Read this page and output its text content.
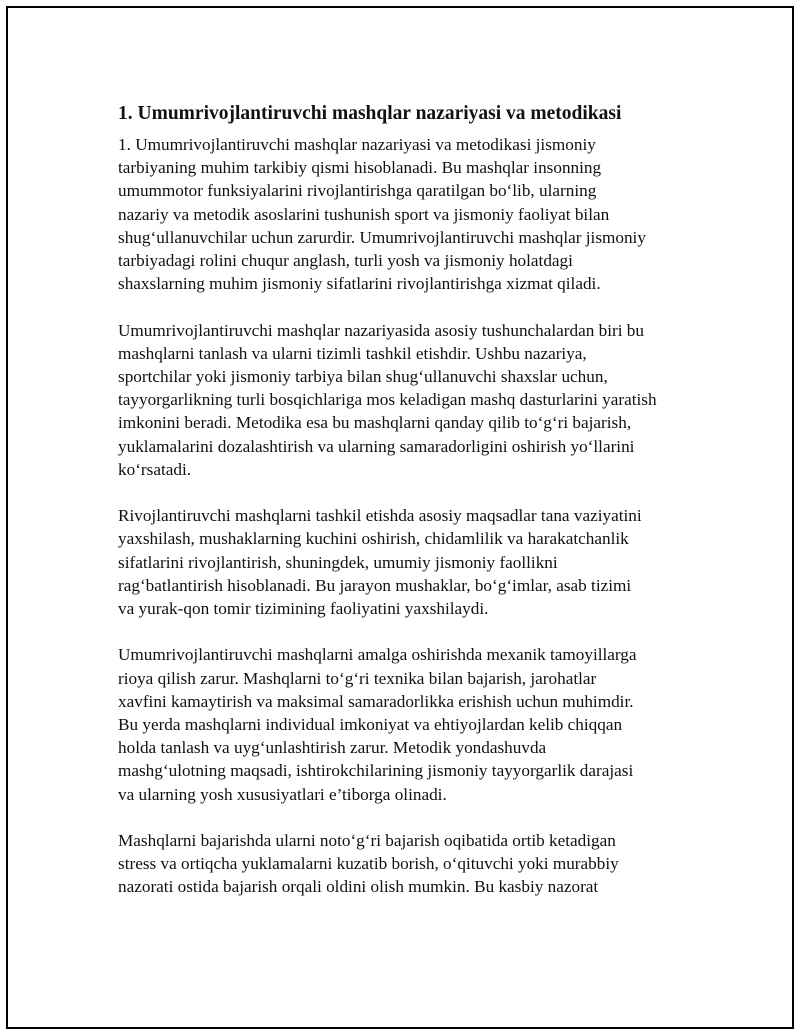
1. Umumrivojlantiruvchi mashqlar nazariyasi va metodikasi

1. Umumrivojlantiruvchi mashqlar nazariyasi va metodikasi jismoniy
tarbiyaning muhim tarkibiy qismi hisoblanadi. Bu mashqlar insonning
umummotor funksiyalarini rivojlantirishga qaratilgan bo‘lib, ularning
nazariy va metodik asoslarini tushunish sport va jismoniy faoliyat bilan
shug‘ullanuvchilar uchun zarurdir. Umumrivojlantiruvchi mashqlar jismoniy
tarbiyadagi rolini chuqur anglash, turli yosh va jismoniy holatdagi
shaxslarning muhim jismoniy sifatlarini rivojlantirishga xizmat qiladi.

Umumrivojlantiruvchi mashqlar nazariyasida asosiy tushunchalardan biri bu
mashqlarni tanlash va ularni tizimli tashkil etishdir. Ushbu nazariya,
sportchilar yoki jismoniy tarbiya bilan shug‘ullanuvchi shaxslar uchun,
tayyorgarlikning turli bosqichlariga mos keladigan mashq dasturlarini yaratish
imkonini beradi. Metodika esa bu mashqlarni qanday qilib to‘g‘ri bajarish,
yuklamalarini dozalashtirish va ularning samaradorligini oshirish yo‘llarini
ko‘rsatadi.

Rivojlantiruvchi mashqlarni tashkil etishda asosiy maqsadlar tana vaziyatini
yaxshilash, mushaklarning kuchini oshirish, chidamlilik va harakatchanlik
sifatlarini rivojlantirish, shuningdek, umumiy jismoniy faollikni
rag‘batlantirish hisoblanadi. Bu jarayon mushaklar, bo‘g‘imlar, asab tizimi
va yurak-qon tomir tizimining faoliyatini yaxshilaydi.

Umumrivojlantiruvchi mashqlarni amalga oshirishda mexanik tamoyillarga
rioya qilish zarur. Mashqlarni to‘g‘ri texnika bilan bajarish, jarohatlar
xavfini kamaytirish va maksimal samaradorlikka erishish uchun muhimdir.
Bu yerda mashqlarni individual imkoniyat va ehtiyojlardan kelib chiqqan
holda tanlash va uyg‘unlashtirish zarur. Metodik yondashuvda
mashg‘ulotning maqsadi, ishtirokchilarining jismoniy tayyorgarlik darajasi
va ularning yosh xususiyatlari e’tiborga olinadi.

Mashqlarni bajarishda ularni noto‘g‘ri bajarish oqibatida ortib ketadigan
stress va ortiqcha yuklamalarni kuzatib borish, o‘qituvchi yoki murabbiy
nazorati ostida bajarish orqali oldini olish mumkin. Bu kasbiy nazorat
